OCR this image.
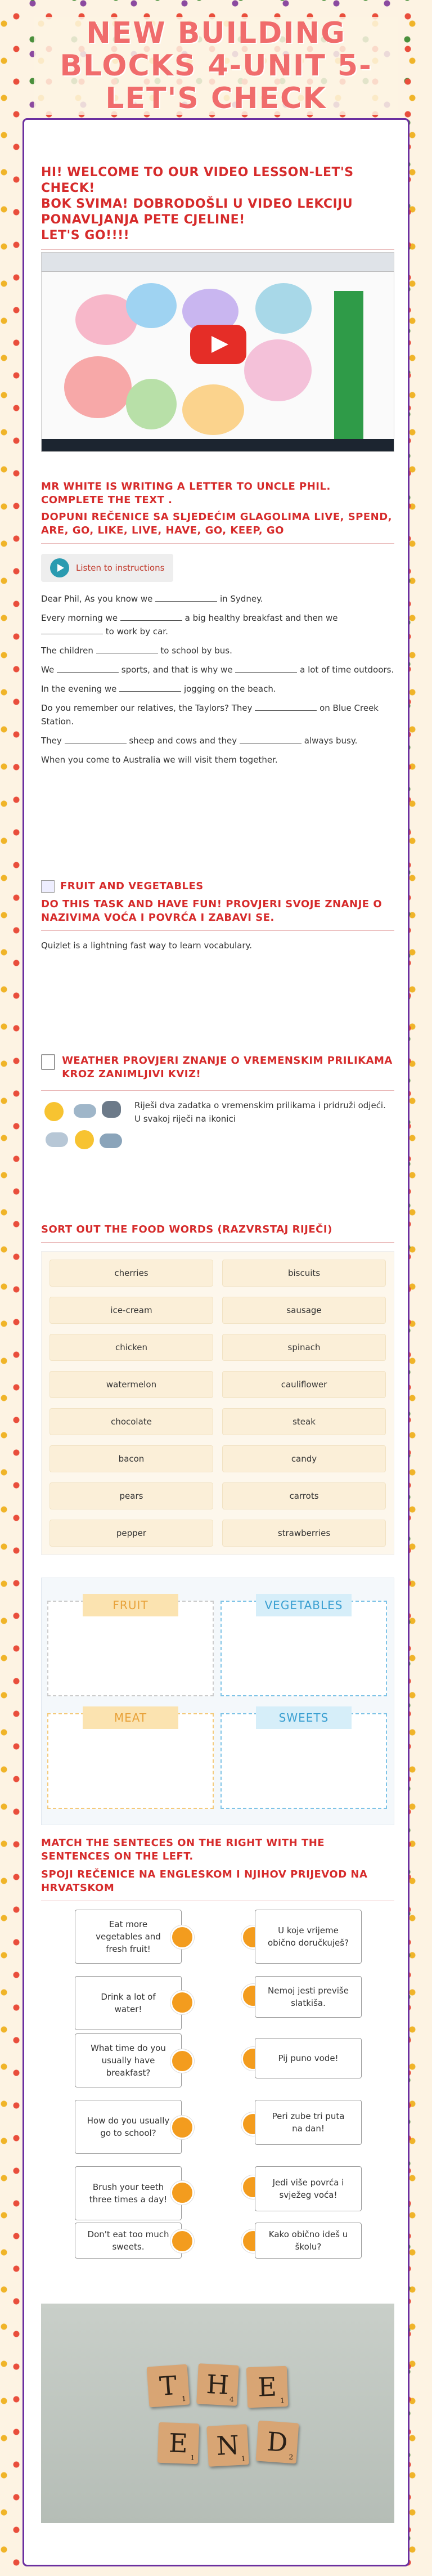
NEW BUILDING BLOCKS 4-UNIT 5-LET'S CHECK
HI! WELCOME TO OUR VIDEO LESSON-LET'S CHECK!
BOK SVIMA! DOBRODOŠLI U VIDEO LEKCIJU PONAVLJANJA PETE CJELINE!
LET'S GO!!!!
MR WHITE IS WRITING A LETTER TO UNCLE PHIL. COMPLETE THE TEXT .
DOPUNI REČENICE SA SLJEDEĆIM GLAGOLIMA LIVE, SPEND, ARE, GO, LIKE, LIVE, HAVE, GO, KEEP, GO
Listen to instructions

Dear Phil, As you know we	in Sydney.

Every morning we	a big healthy breakfast and then we  to work by car.

The children	to school by bus.

We	sports, and that is why we	a lot of time outdoors.

In the evening we	jogging on the beach.

Do you remember our relatives, the Taylors? They	on Blue Creek Station.

They	sheep and cows and they	always busy.

When you come to Australia we will visit them together.

FRUIT AND VEGETABLES
DO THIS TASK AND HAVE FUN! PROVJERI SVOJE ZNANJE O NAZIVIMA VOĆA I POVRĆA I ZABAVI SE.
Quizlet is a lightning fast way to learn vocabulary.
WEATHER PROVJERI ZNANJE O VREMENSKIM PRILIKAMA KROZ ZANIMLJIVI KVIZ!
Riješi dva zadatka o vremenskim prilikama i pridruži odjeći. U svakoj riječi na ikonici
SORT OUT THE FOOD WORDS (RAZVRSTAJ RIJEČI)
cherries	biscuits
ice-cream	sausage
chicken	spinach
watermelon	cauliflower
chocolate	steak
bacon	candy
pears	carrots
pepper	strawberries
FRUIT	VEGETABLES
MEAT	SWEETS
MATCH THE SENTECES ON THE RIGHT WITH THE SENTENCES ON THE LEFT.
SPOJI REČENICE NA ENGLESKOM I NJIHOV PRIJEVOD NA HRVATSKOM
Eat more vegetables and fresh fruit!
Drink a lot of water!
What time do you usually have breakfast?
How do you usually go to school?
Brush your teeth three times a day!
Don't eat too much sweets.
U koje vrijeme obično doručkuješ?
Nemoj jesti previše slatkiša.
Pij puno vode!
Peri zube tri puta na dan!
Jedi više povrća i svježeg voća!
Kako obično ideš u školu?
T 1 H 4 E 1
E 1 N 1
D 2
